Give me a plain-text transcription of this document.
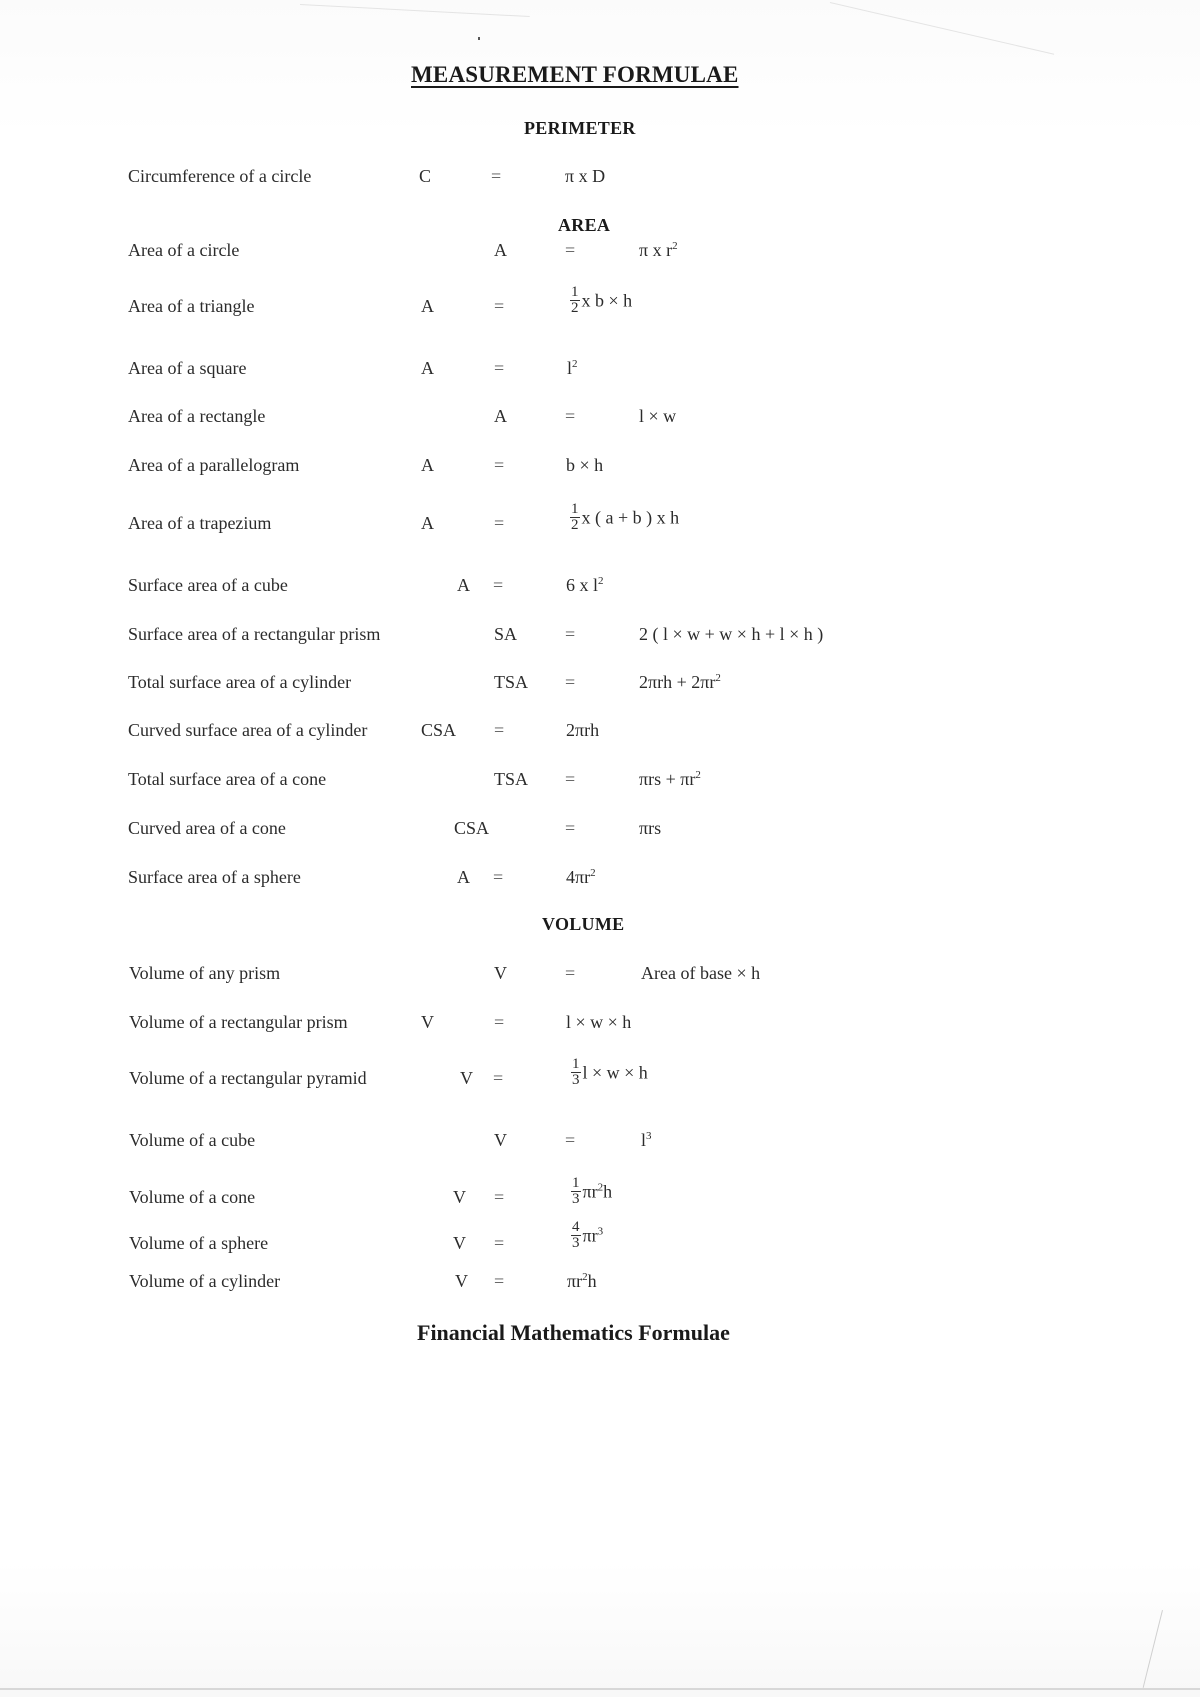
MEASUREMENT FORMULAE
PERIMETER
Circumference of a circle	C	=	π x D
AREA
Area of a circle	A	=	π x $r^2$
Area of a triangle	A	=	$\frac{1}{2}$ x b × h
Area of a square	A	=	$l^2$
Area of a rectangle	A	=	l × w
Area of a parallelogram	A	=	b × h
Area of a trapezium	A	=	$\frac{1}{2}$ x ( a + b ) x h
Surface area of a cube	A =	6 x $l^2$
Surface area of a rectangular prism	SA	=	2 ( l × w + w × h + l × h )
Total surface area of a cylinder	TSA =	$2\pi rh + 2\pi r^2$
Curved surface area of a cylinder	CSA =	2πrh
Total surface area of a cone	TSA =	$\pi rs + \pi r^2$
Curved area of a cone	CSA	=	πrs
Surface area of a sphere	A =	$4\pi r^2$
VOLUME
Volume of any prism	V	=	Area of base × h
Volume of a rectangular prism	V	=	l × w × h
Volume of a rectangular pyramid	V =	$\frac{1}{3}$ l × w × h
Volume of a cube	V	=	$l^3$
Volume of a cone	V =	$\frac{1}{3} \pi r^2h$
Volume of a sphere	V =	$\frac{4}{3} \pi r^3$
Volume of a cylinder	V =	$\pi r^2h$
Financial Mathematics Formulae
